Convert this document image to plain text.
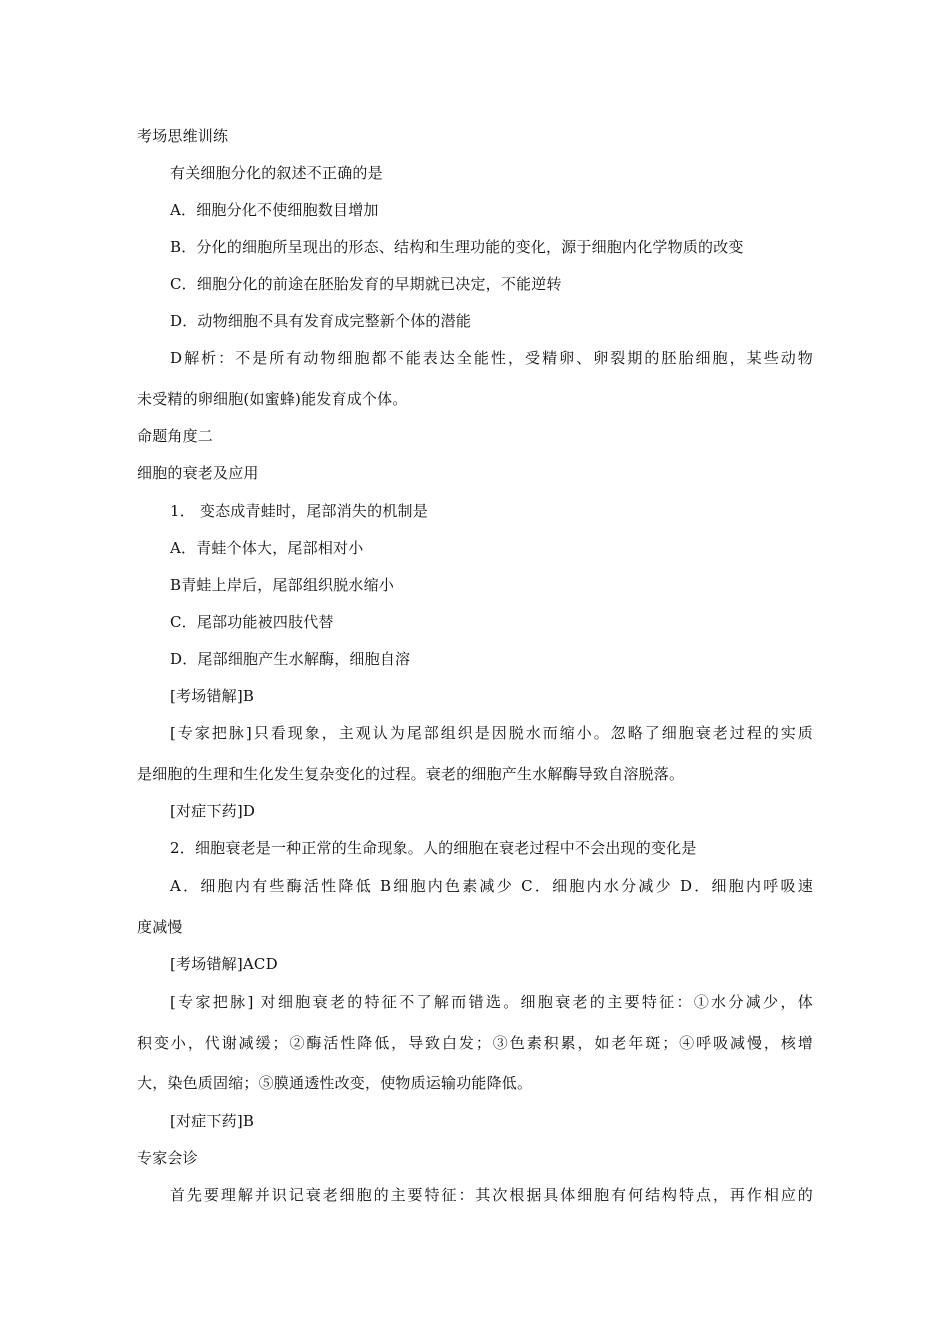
考场思维训练
有关细胞分化的叙述不正确的是
A．细胞分化不使细胞数目增加
B．分化的细胞所呈现出的形态、结构和生理功能的变化，源于细胞内化学物质的改变
C．细胞分化的前途在胚胎发育的早期就已决定，不能逆转
D．动物细胞不具有发育成完整新个体的潜能
D解析：不是所有动物细胞都不能表达全能性，受精卵、卵裂期的胚胎细胞，某些动物
未受精的卵细胞(如蜜蜂)能发育成个体。
命题角度二
细胞的衰老及应用
1． 变态成青蛙时，尾部消失的机制是
A．青蛙个体大，尾部相对小
B青蛙上岸后，尾部组织脱水缩小
C．尾部功能被四肢代替
D．尾部细胞产生水解酶，细胞自溶
[考场错解]B
[专家把脉]只看现象，主观认为尾部组织是因脱水而缩小。忽略了细胞衰老过程的实质
是细胞的生理和生化发生复杂变化的过程。衰老的细胞产生水解酶导致自溶脱落。
[对症下药]D
2．细胞衰老是一种正常的生命现象。人的细胞在衰老过程中不会出现的变化是
A．细胞内有些酶活性降低 B细胞内色素减少 C．细胞内水分减少 D．细胞内呼吸速
度减慢
[考场错解]ACD
[专家把脉] 对细胞衰老的特征不了解而错选。细胞衰老的主要特征：①水分减少，体
积变小，代谢减缓；②酶活性降低，导致白发；③色素积累，如老年斑；④呼吸减慢，核增
大，染色质固缩；⑤膜通透性改变，使物质运输功能降低。
[对症下药]B
专家会诊
首先要理解并识记衰老细胞的主要特征：其次根据具体细胞有何结构特点，再作相应的
